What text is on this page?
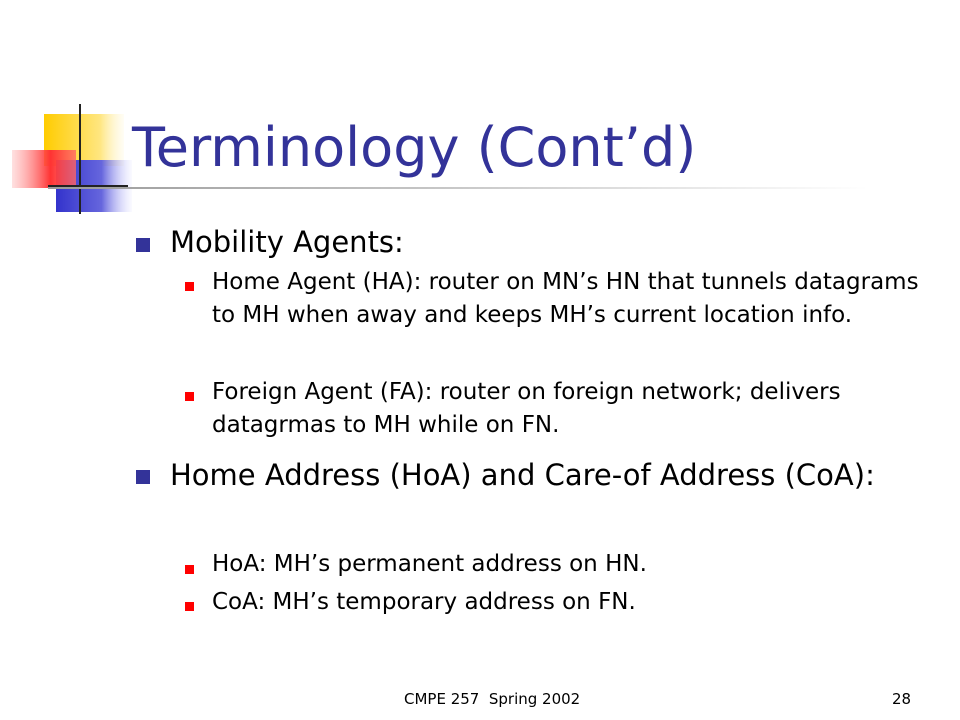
Terminology (Cont’d)
Mobility Agents:
Home Agent (HA): router on MN’s HN that tunnels datagrams to MH when away and keeps MH’s current location info.
Foreign Agent (FA): router on foreign network; delivers datagrmas to MH while on FN.
Home Address (HoA) and Care-of Address (CoA):
HoA: MH’s permanent address on HN.
CoA: MH’s temporary address on FN.
CMPE 257  Spring 2002	28
